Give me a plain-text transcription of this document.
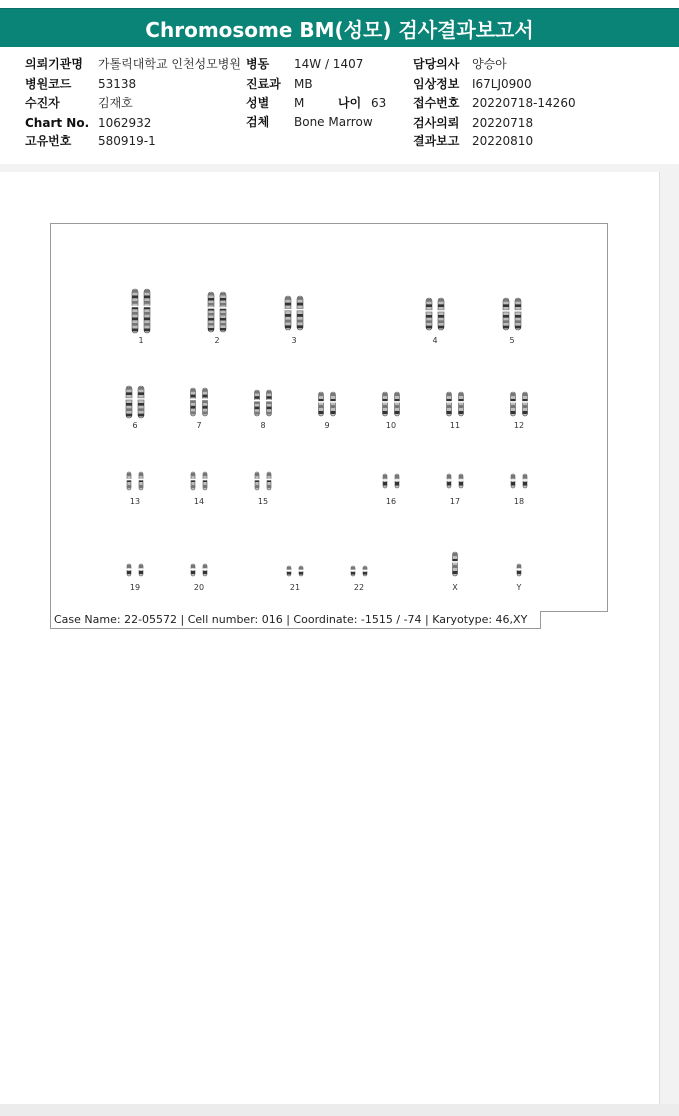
Chromosome BM(성모) 검사결과보고서
의뢰기관명 가톨릭대학교 인천성모병원
병원코드 53138
수진자	김재호
Chart No. 1062932
고유번호 580919-1
병동 14W / 1407
진료과 MB
성별 M	나이 63
검체 Bone Marrow
담당의사 양승아
임상정보 I67LJ0900
접수번호 20220718-14260
검사의뢰 20220718
결과보고 20220810
1	2	3	4	5
6	7	8	9	10	11	12
13	14	15	16	17	18
19	20	21	22	X	Y
Case Name: 22-05572 | Cell number: 016 | Coordinate: -1515 / -74 | Karyotype: 46,XY
